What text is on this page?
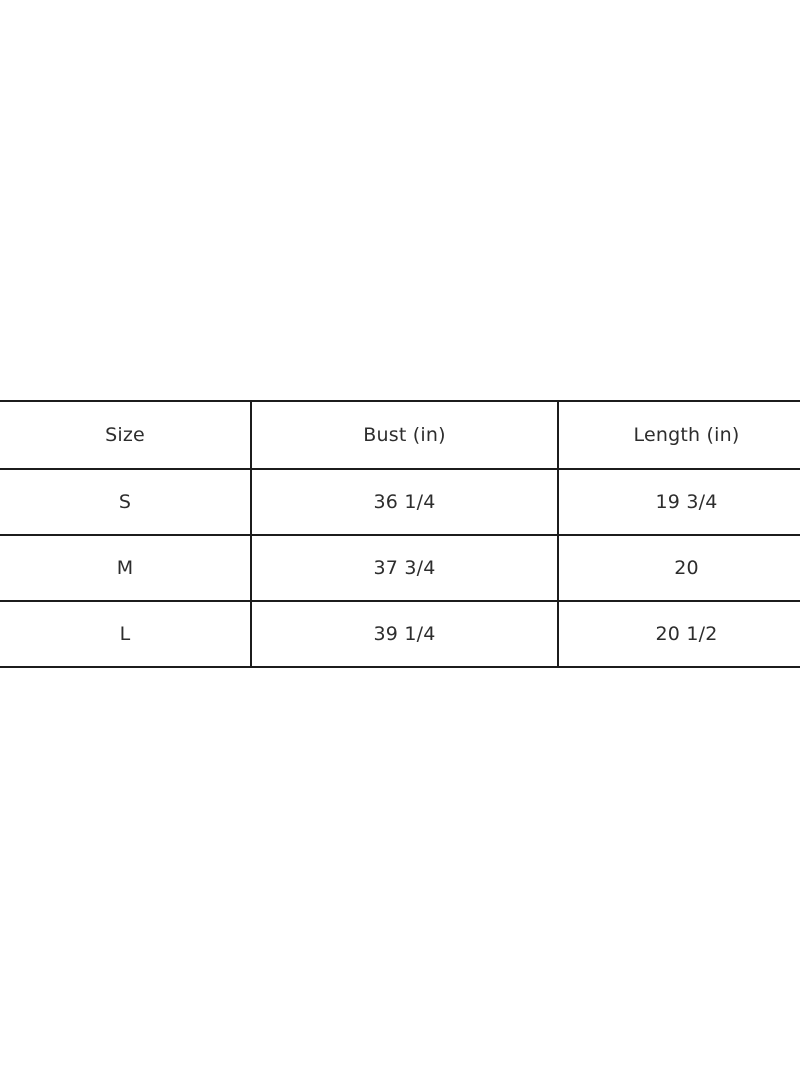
Size	Bust (in)	Length (in)
S	36 1/4	19 3/4
M	37 3/4	20
L	39 1/4	20 1/2
